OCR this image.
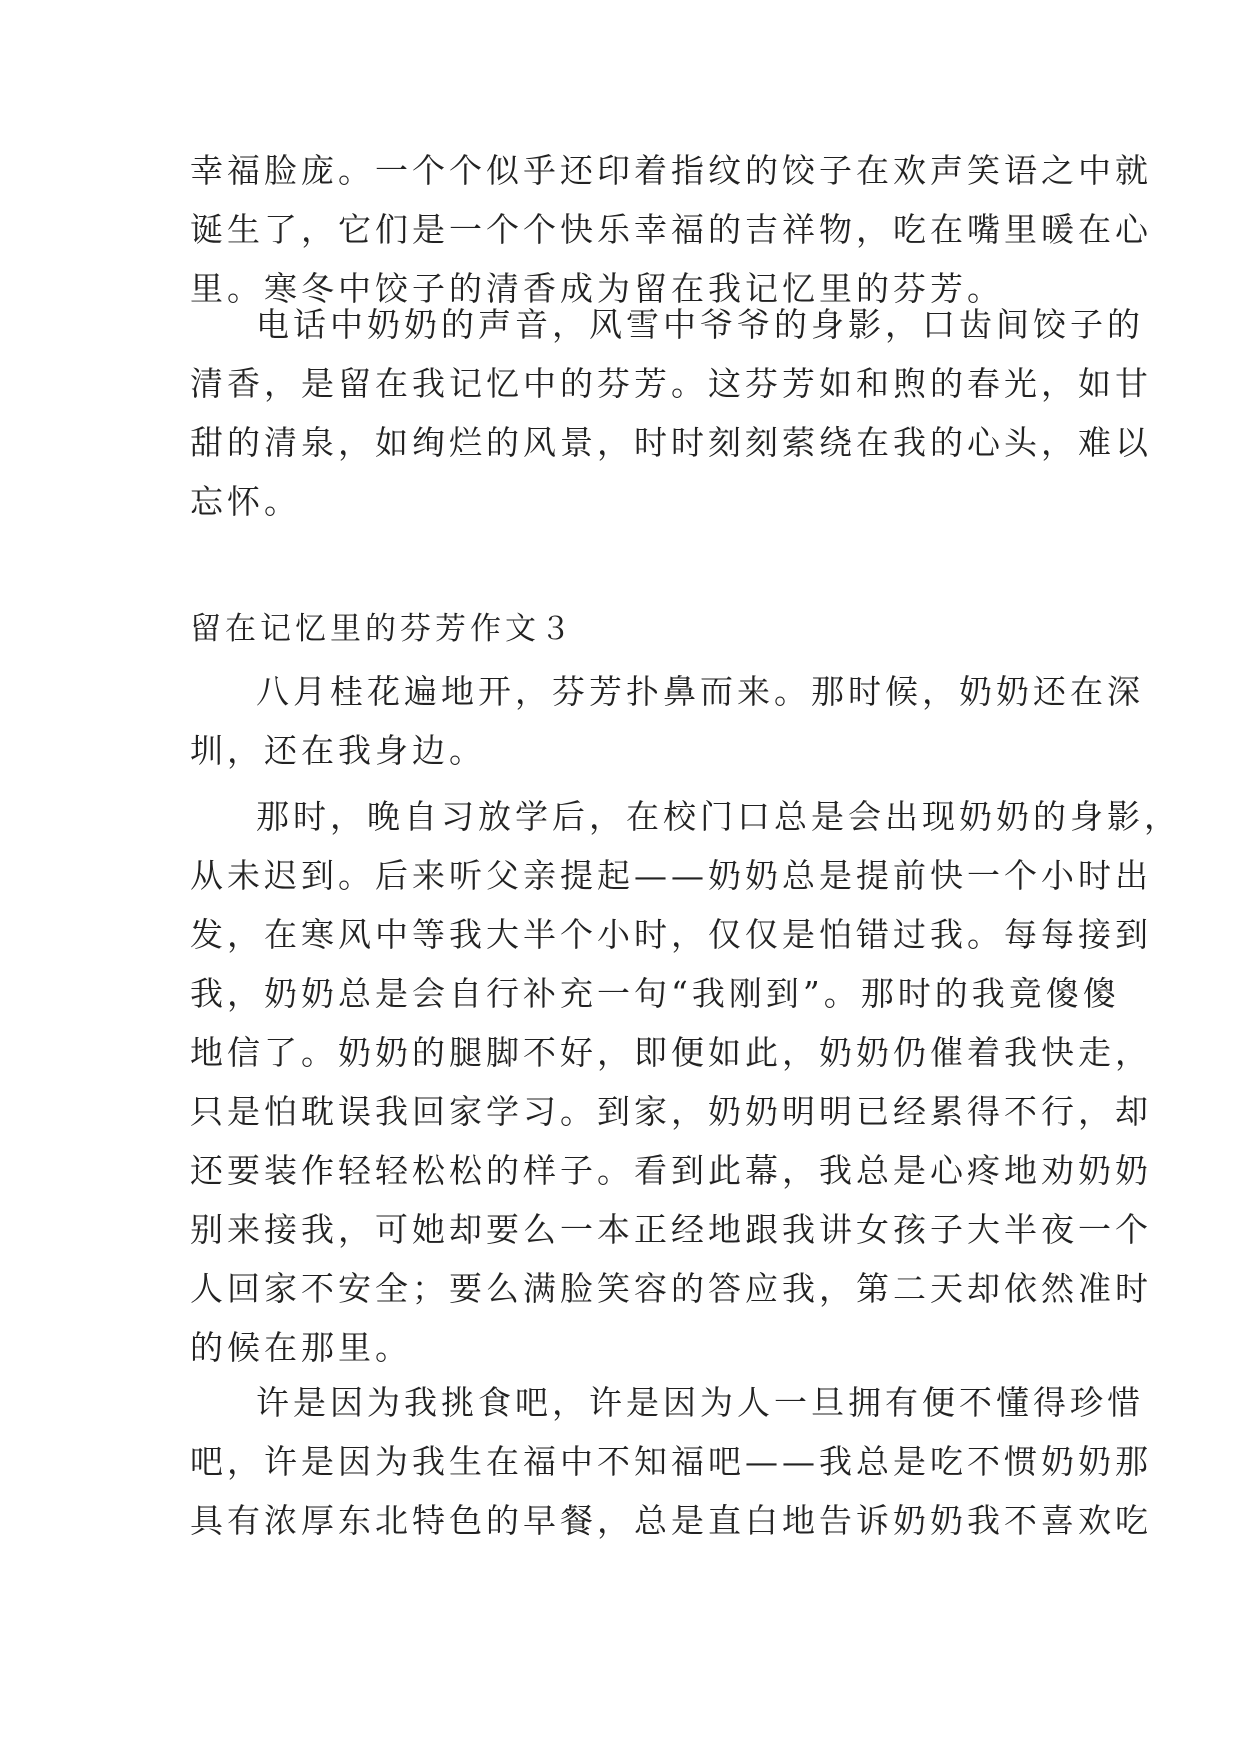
幸福脸庞。一个个似乎还印着指纹的饺子在欢声笑语之中就
诞生了，它们是一个个快乐幸福的吉祥物，吃在嘴里暖在心
里。寒冬中饺子的清香成为留在我记忆里的芬芳。
电话中奶奶的声音，风雪中爷爷的身影，口齿间饺子的
清香，是留在我记忆中的芬芳。这芬芳如和煦的春光，如甘
甜的清泉，如绚烂的风景，时时刻刻萦绕在我的心头，难以
忘怀。
留在记忆里的芬芳作文３
八月桂花遍地开，芬芳扑鼻而来。那时候，奶奶还在深
圳，还在我身边。
那时，晚自习放学后，在校门口总是会出现奶奶的身影，
从未迟到。后来听父亲提起——奶奶总是提前快一个小时出
发，在寒风中等我大半个小时，仅仅是怕错过我。每每接到
我，奶奶总是会自行补充一句“我刚到”。那时的我竟傻傻
地信了。奶奶的腿脚不好，即便如此，奶奶仍催着我快走，
只是怕耽误我回家学习。到家，奶奶明明已经累得不行，却
还要装作轻轻松松的样子。看到此幕，我总是心疼地劝奶奶
别来接我，可她却要么一本正经地跟我讲女孩子大半夜一个
人回家不安全；要么满脸笑容的答应我，第二天却依然准时
的候在那里。
许是因为我挑食吧，许是因为人一旦拥有便不懂得珍惜
吧，许是因为我生在福中不知福吧——我总是吃不惯奶奶那
具有浓厚东北特色的早餐，总是直白地告诉奶奶我不喜欢吃
